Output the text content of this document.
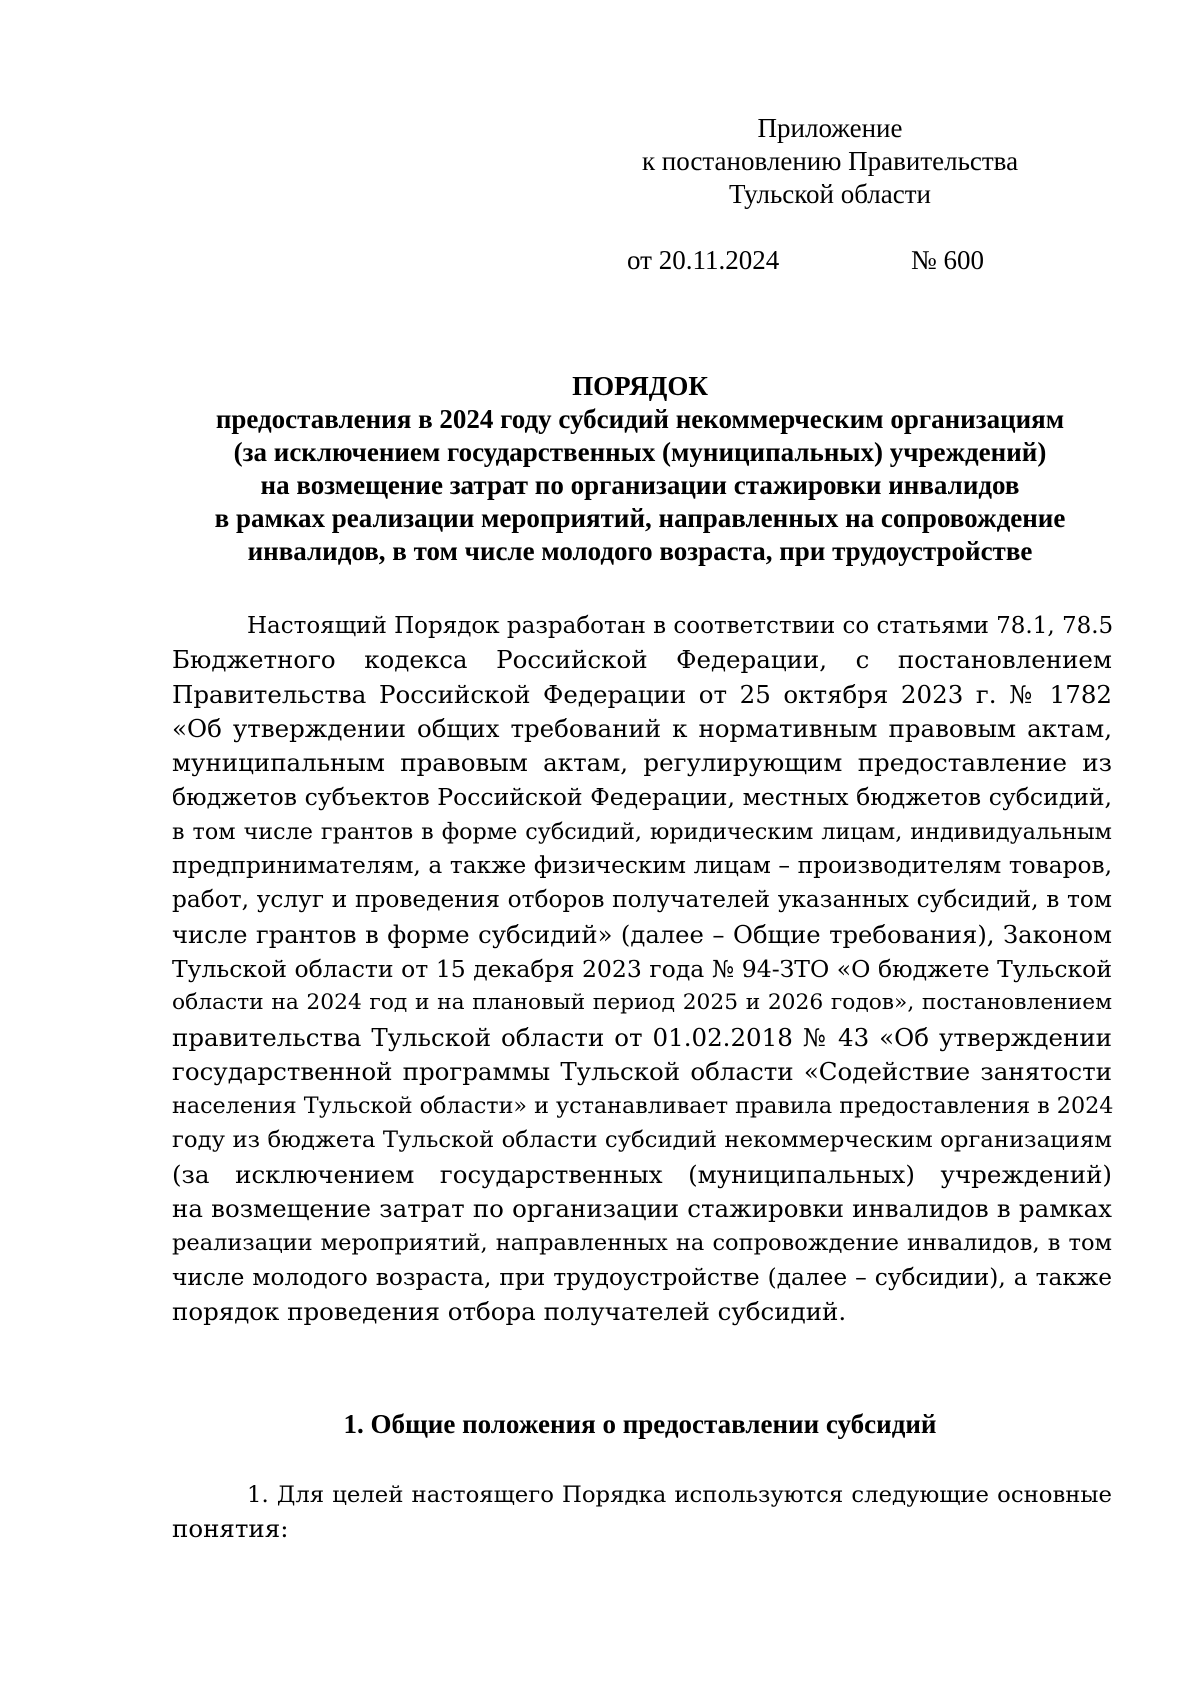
Приложение
к постановлению Правительства
Тульской области
от 20.11.2024	№ 600
ПОРЯДОК
предоставления в 2024 году субсидий некоммерческим организациям
(за исключением государственных (муниципальных) учреждений)
на возмещение затрат по организации стажировки инвалидов
в рамках реализации мероприятий, направленных на сопровождение
инвалидов, в том числе молодого возраста, при трудоустройстве
Настоящий Порядок разработан в соответствии со статьями 78.1, 78.5
Бюджетного кодекса Российской Федерации, с постановлением
Правительства Российской Федерации от 25 октября 2023 г. № 1782
«Об утверждении общих требований к нормативным правовым актам,
муниципальным правовым актам, регулирующим предоставление из
бюджетов субъектов Российской Федерации, местных бюджетов субсидий,
в том числе грантов в форме субсидий, юридическим лицам, индивидуальным
предпринимателям, а также физическим лицам – производителям товаров,
работ, услуг и проведения отборов получателей указанных субсидий, в том
числе грантов в форме субсидий» (далее – Общие требования), Законом
Тульской области от 15 декабря 2023 года № 94-ЗТО «О бюджете Тульской
области на 2024 год и на плановый период 2025 и 2026 годов», постановлением
правительства Тульской области от 01.02.2018 № 43 «Об утверждении
государственной программы Тульской области «Содействие занятости
населения Тульской области» и устанавливает правила предоставления в 2024
году из бюджета Тульской области субсидий некоммерческим организациям
(за исключением государственных (муниципальных) учреждений)
на возмещение затрат по организации стажировки инвалидов в рамках
реализации мероприятий, направленных на сопровождение инвалидов, в том
числе молодого возраста, при трудоустройстве (далее – субсидии), а также
порядок проведения отбора получателей субсидий.
1. Общие положения о предоставлении субсидий
1. Для целей настоящего Порядка используются следующие основные
понятия:
